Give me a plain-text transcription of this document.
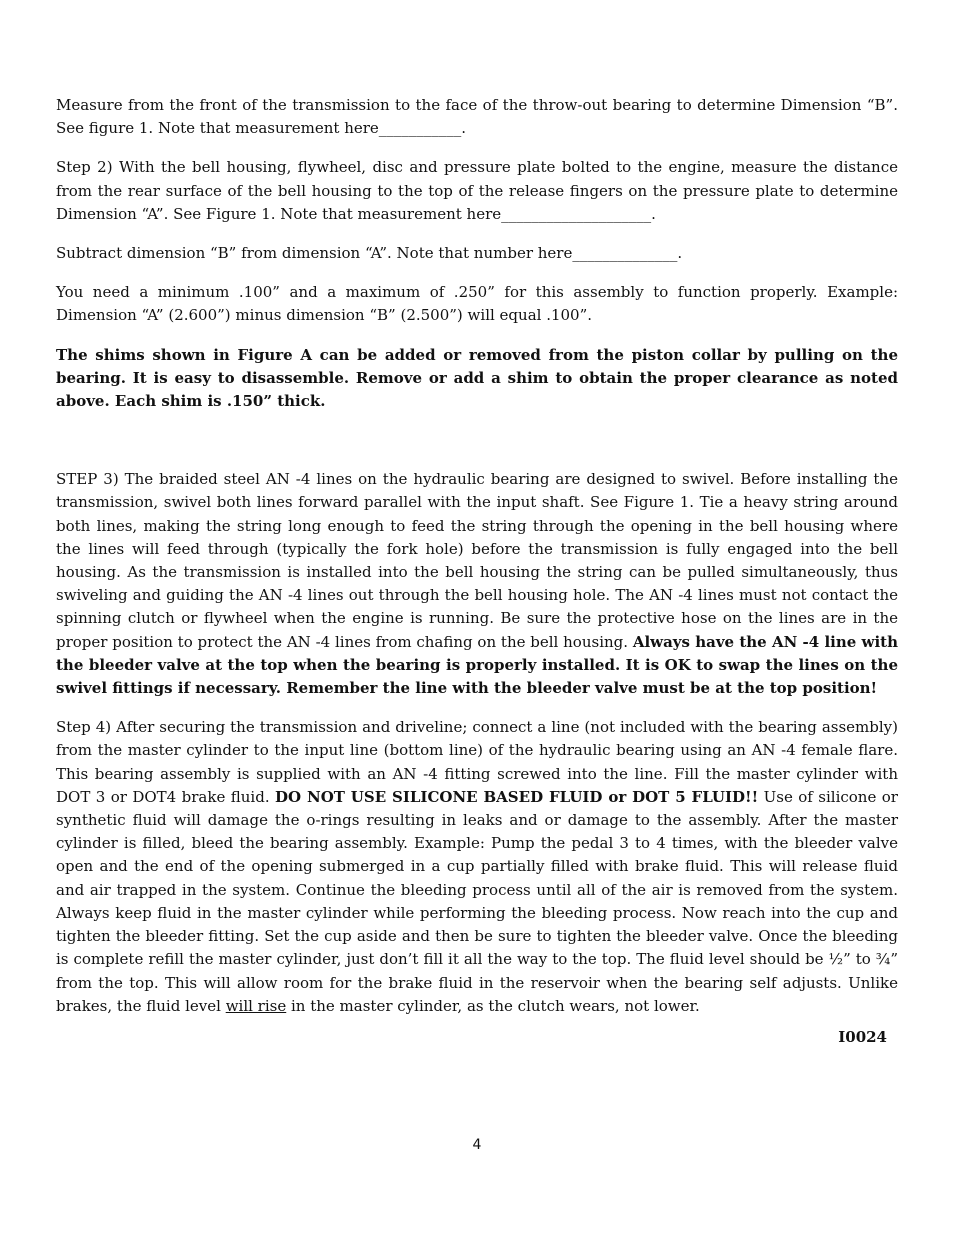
Measure from the front of the transmission to the face of the throw-out bearing to determine Dimension “B”. See figure 1. Note that measurement here___________.

Step 2) With the bell housing, flywheel, disc and pressure plate bolted to the engine, measure the distance from the rear surface of the bell housing to the top of the release fingers on the pressure plate to determine Dimension “A”. See Figure 1. Note that measurement here____________________.

Subtract dimension “B” from dimension “A”. Note that number here______________.

You need a minimum .100” and a maximum of .250” for this assembly to function properly. Example: Dimension “A” (2.600”) minus dimension “B” (2.500”) will equal .100”.

The shims shown in Figure A can be added or removed from the piston collar by pulling on the bearing. It is easy to disassemble. Remove or add a shim to obtain the proper clearance as noted above. Each shim is .150” thick.

STEP 3) The braided steel AN -4 lines on the hydraulic bearing are designed to swivel. Before installing the transmission, swivel both lines forward parallel with the input shaft. See Figure 1. Tie a heavy string around both lines, making the string long enough to feed the string through the opening in the bell housing where the lines will feed through (typically the fork hole) before the transmission is fully engaged into the bell housing. As the transmission is installed into the bell housing the string can be pulled simultaneously, thus swiveling and guiding the AN -4 lines out through the bell housing hole. The AN -4 lines must not contact the spinning clutch or flywheel when the engine is running. Be sure the protective hose on the lines are in the proper position to protect the AN -4 lines from chafing on the bell housing. Always have the AN -4 line with the bleeder valve at the top when the bearing is properly installed. It is OK to swap the lines on the swivel fittings if necessary. Remember the line with the bleeder valve must be at the top position!

Step 4) After securing the transmission and driveline; connect a line (not included with the bearing assembly) from the master cylinder to the input line (bottom line) of the hydraulic bearing using an AN -4 female flare. This bearing assembly is supplied with an AN -4 fitting screwed into the line. Fill the master cylinder with DOT 3 or DOT4 brake fluid. DO NOT USE SILICONE BASED FLUID or DOT 5 FLUID!! Use of silicone or synthetic fluid will damage the o-rings resulting in leaks and or damage to the assembly. After the master cylinder is filled, bleed the bearing assembly. Example: Pump the pedal 3 to 4 times, with the bleeder valve open and the end of the opening submerged in a cup partially filled with brake fluid. This will release fluid and air trapped in the system. Continue the bleeding process until all of the air is removed from the system. Always keep fluid in the master cylinder while performing the bleeding process. Now reach into the cup and tighten the bleeder fitting. Set the cup aside and then be sure to tighten the bleeder valve. Once the bleeding is complete refill the master cylinder, just don’t fill it all the way to the top. The fluid level should be ½” to ¾” from the top. This will allow room for the brake fluid in the reservoir when the bearing self adjusts. Unlike brakes, the fluid level will rise in the master cylinder, as the clutch wears, not lower.

I0024
4
